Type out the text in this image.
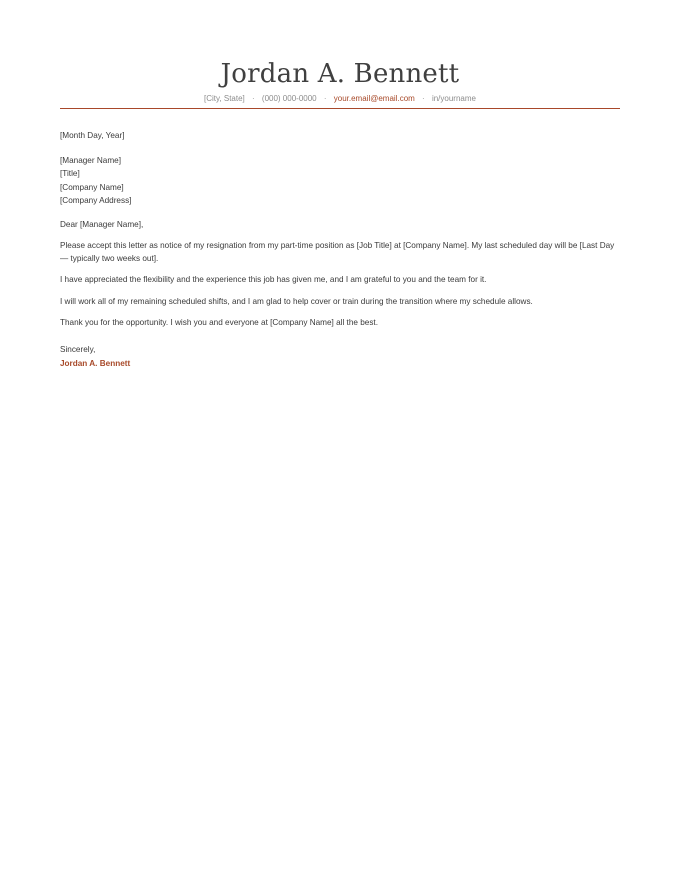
Jordan A. Bennett
[City, State] · (000) 000-0000 · your.email@email.com · in/yourname

[Month Day, Year]

[Manager Name]
[Title]
[Company Name]
[Company Address]

Dear [Manager Name],

Please accept this letter as notice of my resignation from my part-time position as [Job Title] at [Company Name]. My last scheduled day will be [Last Day — typically two weeks out].

I have appreciated the flexibility and the experience this job has given me, and I am grateful to you and the team for it.

I will work all of my remaining scheduled shifts, and I am glad to help cover or train during the transition where my schedule allows.

Thank you for the opportunity. I wish you and everyone at [Company Name] all the best.

Sincerely,

Jordan A. Bennett
